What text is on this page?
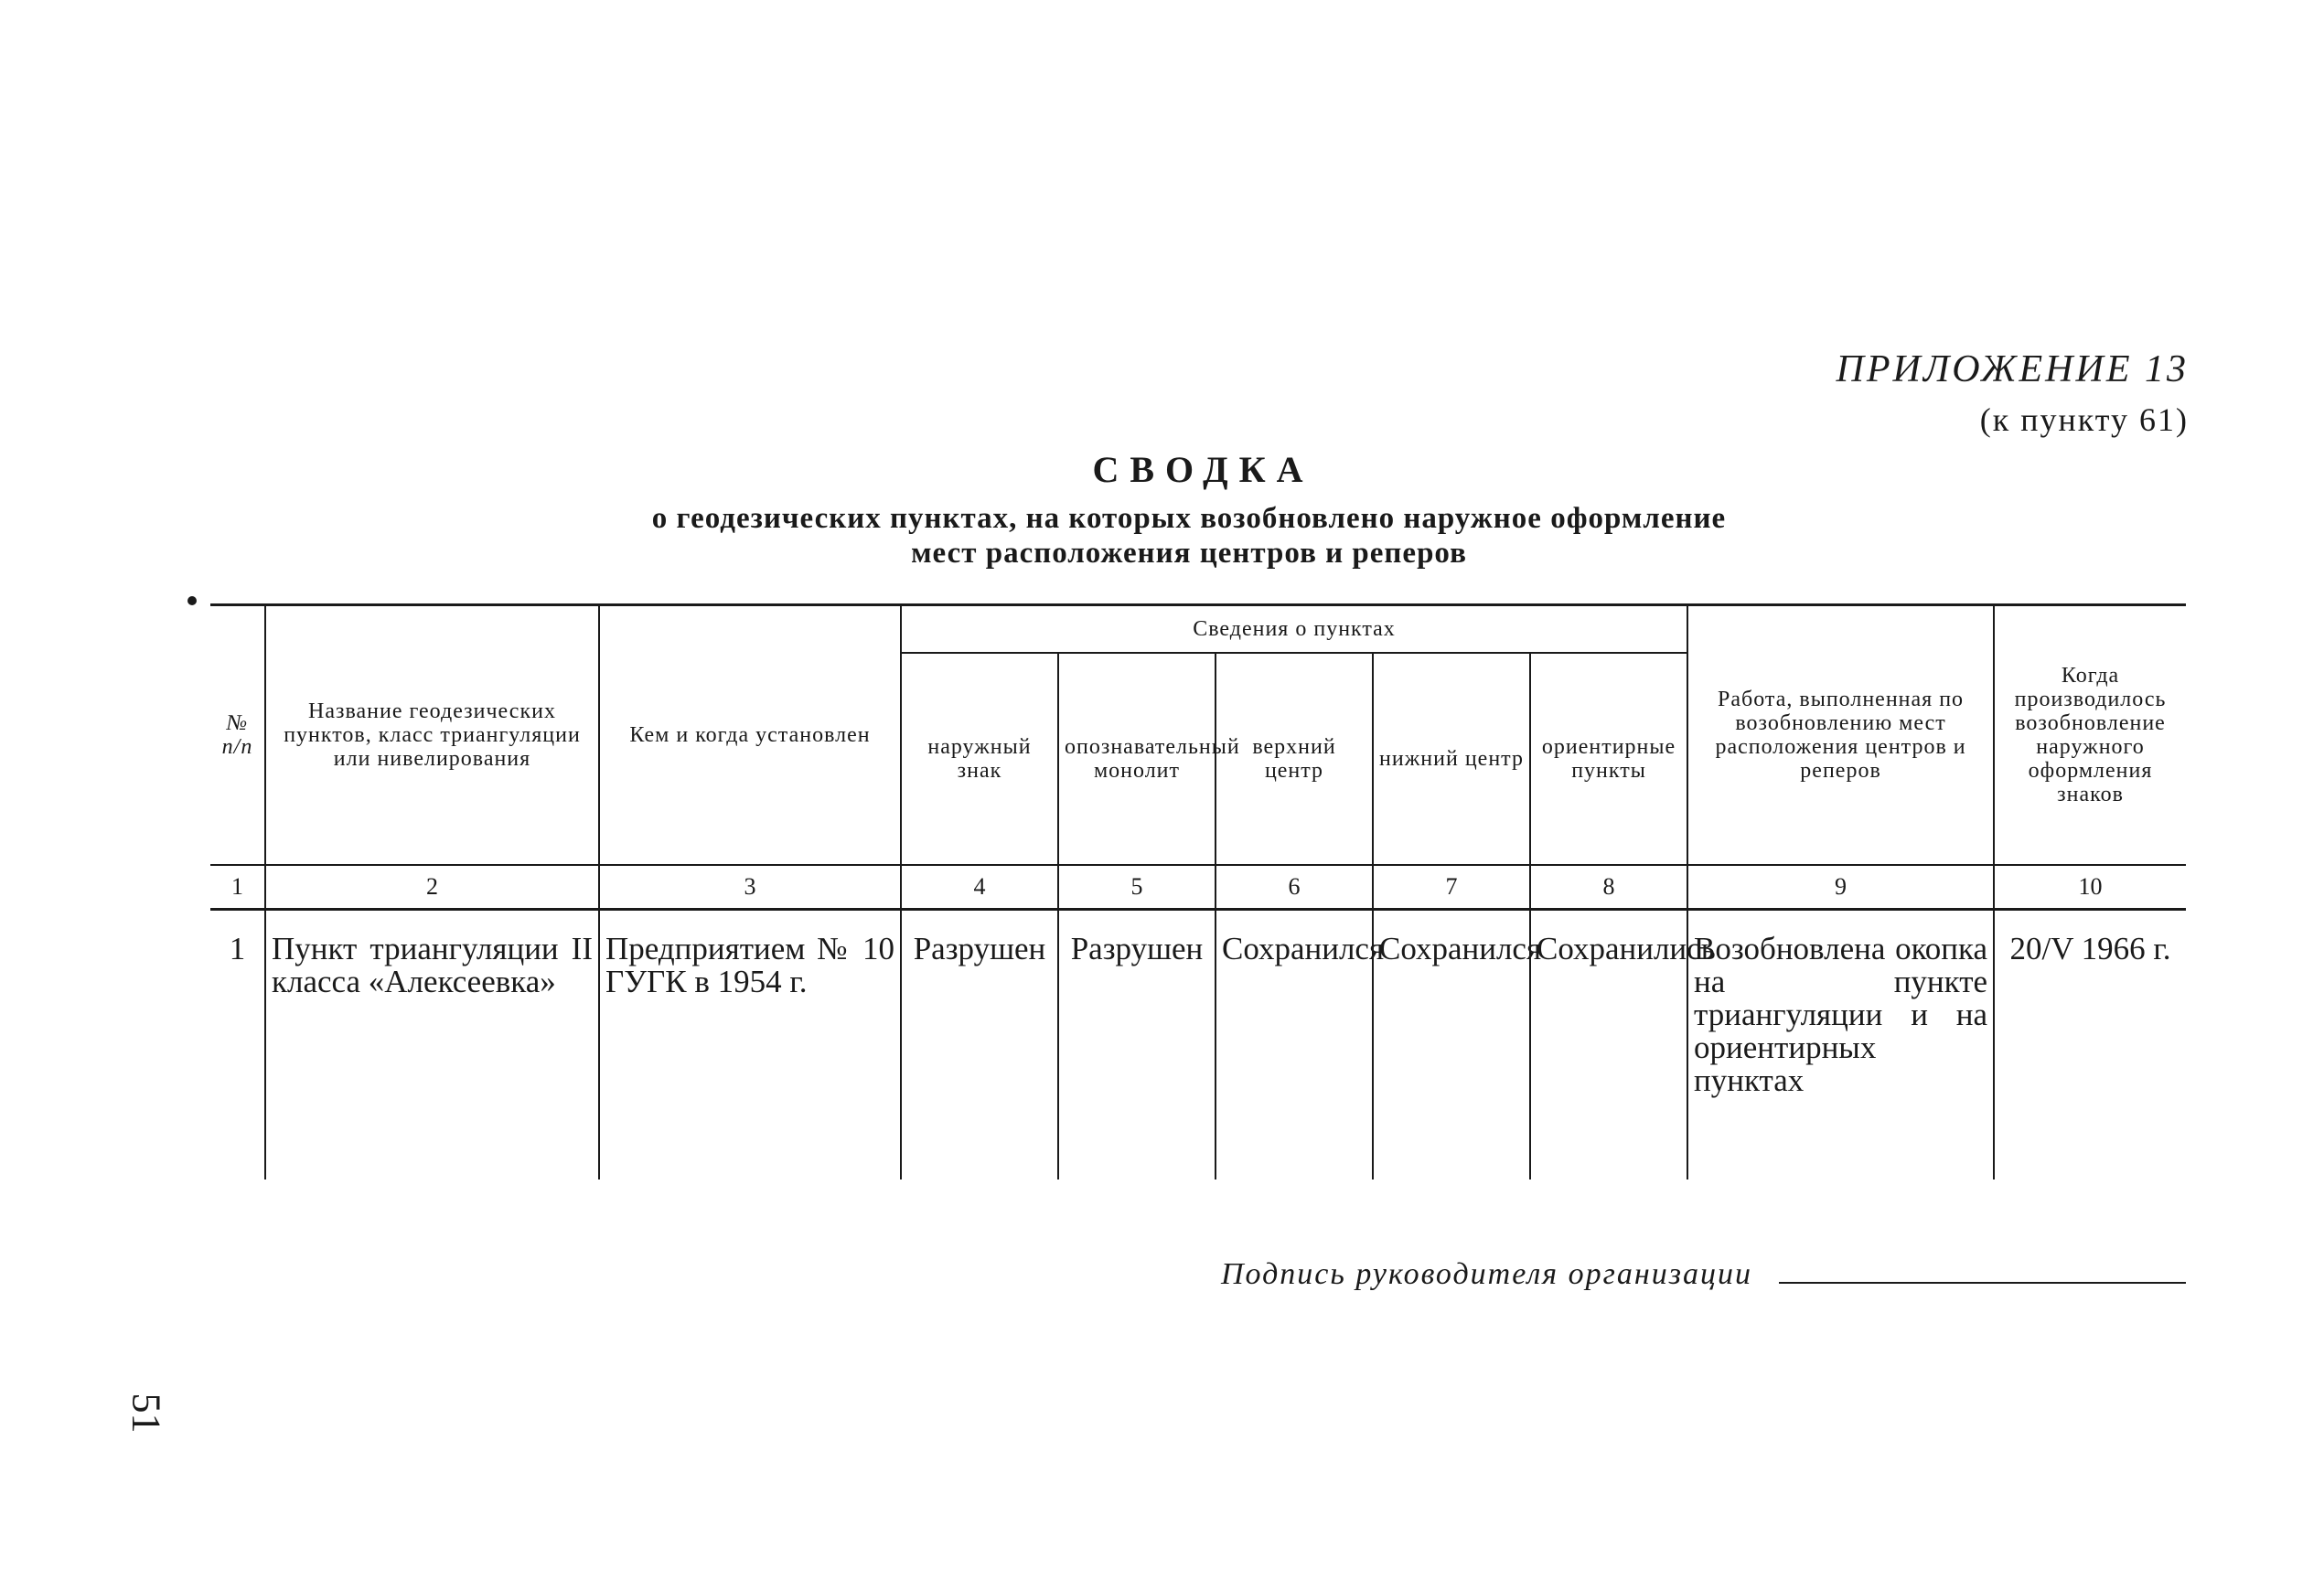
ПРИЛОЖЕНИЕ 13
(к пункту 61)
СВОДКА
о геодезических пунктах, на которых возобновлено наружное оформление
мест расположения центров и реперов
№ п/п	Название геодезических пунктов, класс триангуляции или нивелирования	Кем и когда установлен	Сведения о пунктах					Работа, выполненная по возобновлению мест расположения центров и реперов	Когда производилось возобновление наружного оформления знаков
			наружный знак	опознавательный монолит	верхний центр	нижний центр	ориентирные пункты		
1	2	3	4	5	6	7	8	9	10
1	Пункт триангуляции II класса «Алексеевка»	Предприятием № 10 ГУГК в 1954 г.	Разрушен	Разрушен	Сохранился	Сохранился	Сохранились	Возобновлена окопка на пункте триангуляции и на ориентирных пунктах	20/V 1966 г.
Подпись руководителя организации
51
